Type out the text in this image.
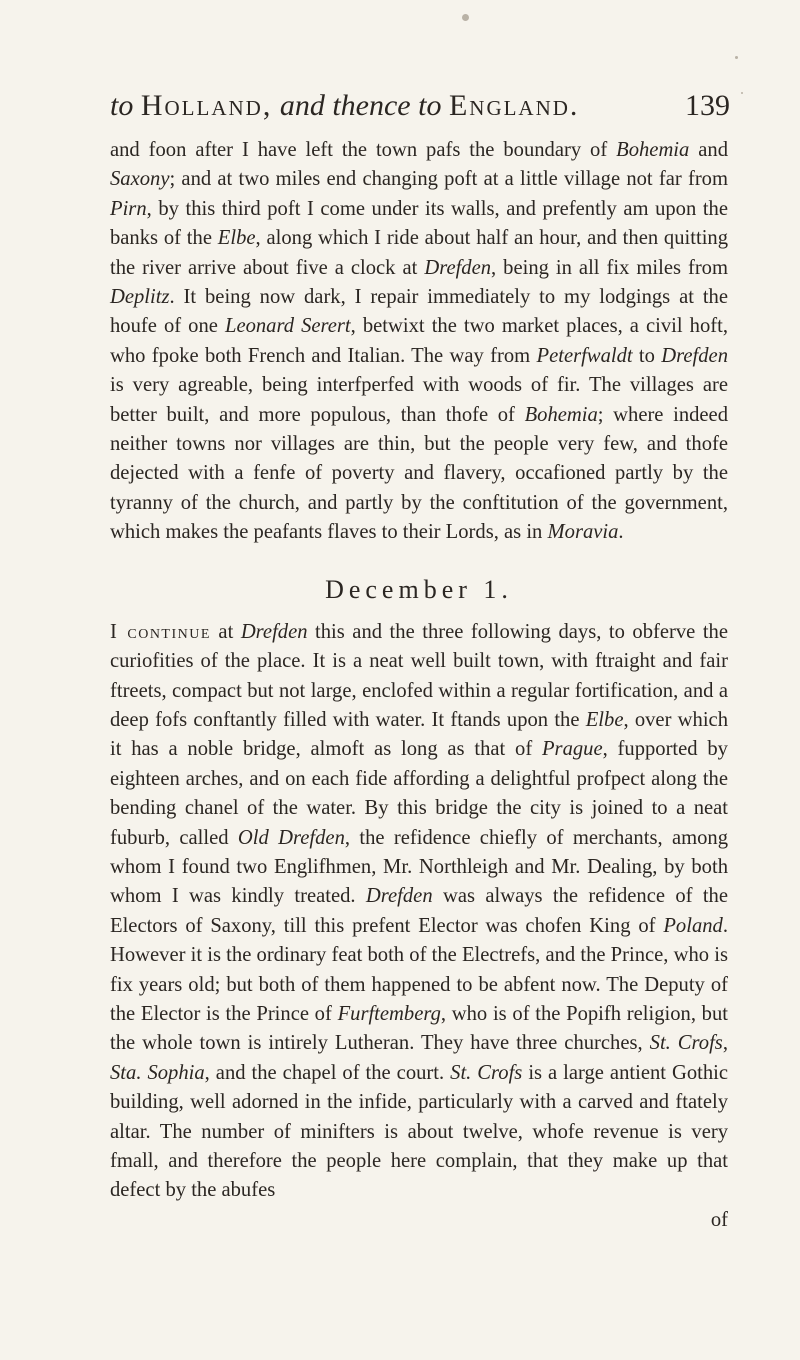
to Holland, and thence to England.	139

and foon after I have left the town pafs the boundary of Bohemia and Saxony; and at two miles end changing poft at a little village not far from Pirn, by this third poft I come under its walls, and prefently am upon the banks of the Elbe, along which I ride about half an hour, and then quitting the river arrive about five a clock at Drefden, being in all fix miles from Deplitz. It being now dark, I repair immediately to my lodgings at the houfe of one Leonard Serert, betwixt the two market places, a civil hoft, who fpoke both French and Italian. The way from Peterfwaldt to Drefden is very agreable, being interfperfed with woods of fir. The villages are better built, and more populous, than thofe of Bohemia; where indeed neither towns nor villages are thin, but the people very few, and thofe dejected with a fenfe of poverty and flavery, occafioned partly by the tyranny of the church, and partly by the conftitution of the government, which makes the peafants flaves to their Lords, as in Moravia.

December 1.

I continue at Drefden this and the three following days, to obferve the curiofities of the place. It is a neat well built town, with ftraight and fair ftreets, compact but not large, enclofed within a regular fortification, and a deep fofs conftantly filled with water. It ftands upon the Elbe, over which it has a noble bridge, almoft as long as that of Prague, fupported by eighteen arches, and on each fide affording a delightful profpect along the bending chanel of the water. By this bridge the city is joined to a neat fuburb, called Old Drefden, the refidence chiefly of merchants, among whom I found two Englifhmen, Mr. Northleigh and Mr. Dealing, by both whom I was kindly treated. Drefden was always the refidence of the Electors of Saxony, till this prefent Elector was chofen King of Poland. However it is the ordinary feat both of the Electrefs, and the Prince, who is fix years old; but both of them happened to be abfent now. The Deputy of the Elector is the Prince of Furftemberg, who is of the Popifh religion, but the whole town is intirely Lutheran. They have three churches, St. Crofs, Sta. Sophia, and the chapel of the court. St. Crofs is a large antient Gothic building, well adorned in the infide, particularly with a carved and ftately altar. The number of minifters is about twelve, whofe revenue is very fmall, and therefore the people here complain, that they make up that defect by the abufes

of
